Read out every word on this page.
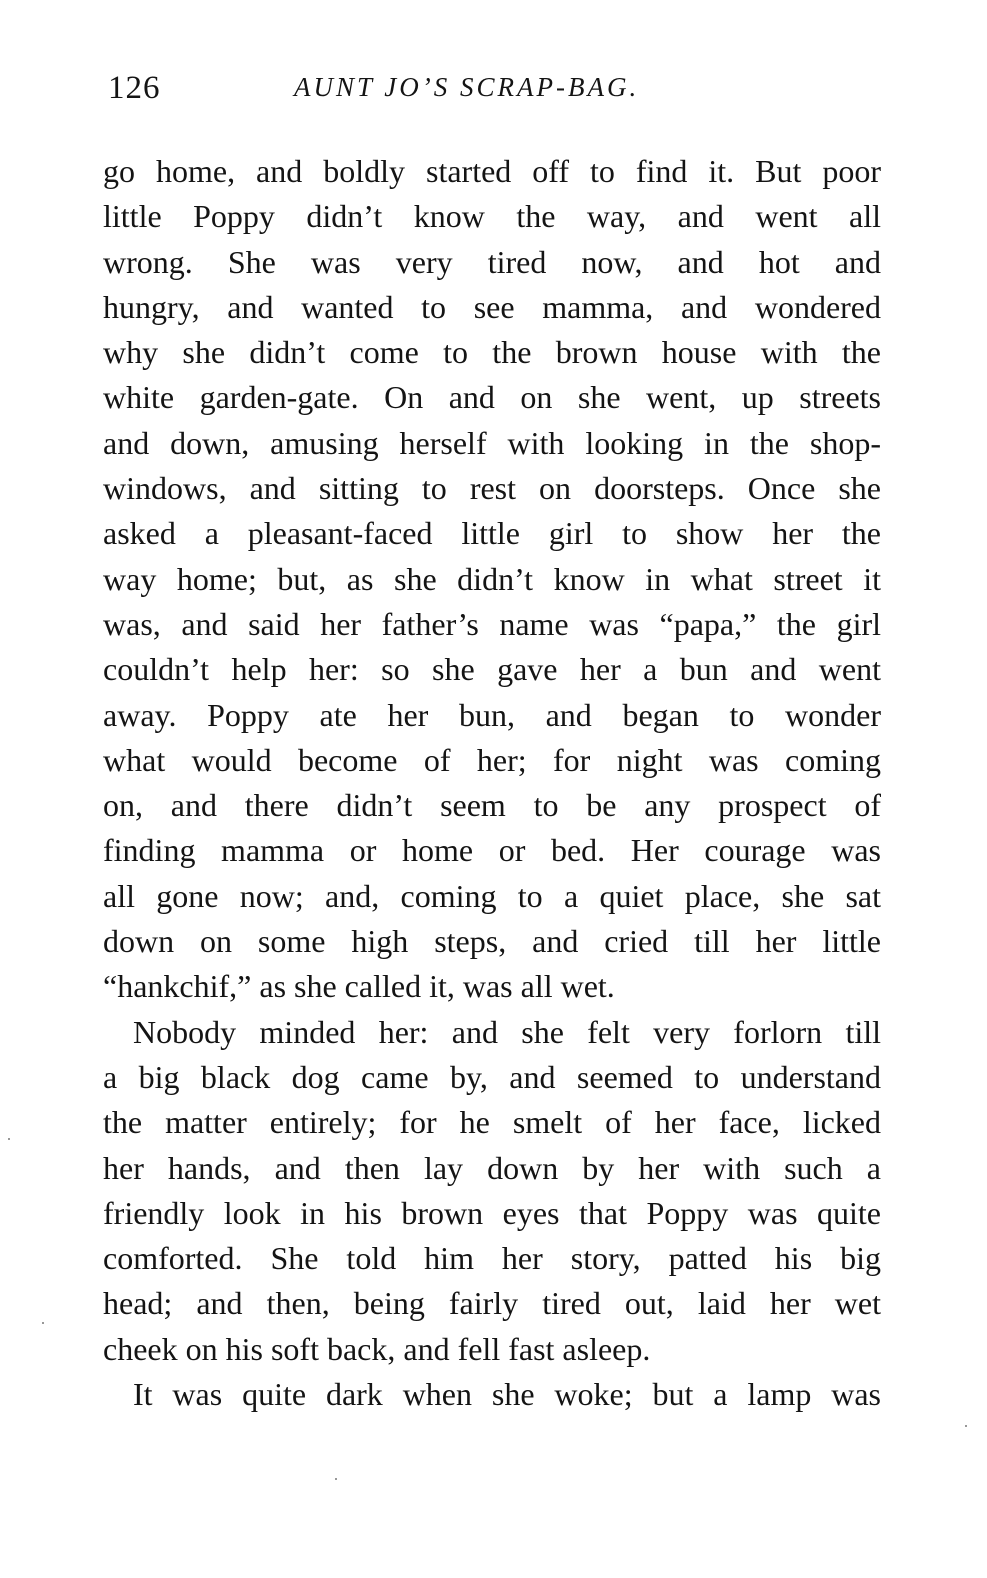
126	AUNT JO’S SCRAP-BAG.
go home, and boldly started off to find it. But poor
little Poppy didn’t know the way, and went all
wrong. She was very tired now, and hot and
hungry, and wanted to see mamma, and wondered
why she didn’t come to the brown house with the
white garden-gate. On and on she went, up streets
and down, amusing herself with looking in the shop-
windows, and sitting to rest on doorsteps. Once she
asked a pleasant-faced little girl to show her the
way home; but, as she didn’t know in what street it
was, and said her father’s name was “papa,” the girl
couldn’t help her: so she gave her a bun and went
away. Poppy ate her bun, and began to wonder
what would become of her; for night was coming
on, and there didn’t seem to be any prospect of
finding mamma or home or bed. Her courage was
all gone now; and, coming to a quiet place, she sat
down on some high steps, and cried till her little
“hankchif,” as she called it, was all wet.
Nobody minded her: and she felt very forlorn till
a big black dog came by, and seemed to understand
the matter entirely; for he smelt of her face, licked
her hands, and then lay down by her with such a
friendly look in his brown eyes that Poppy was quite
comforted. She told him her story, patted his big
head; and then, being fairly tired out, laid her wet
cheek on his soft back, and fell fast asleep.
It was quite dark when she woke; but a lamp was
